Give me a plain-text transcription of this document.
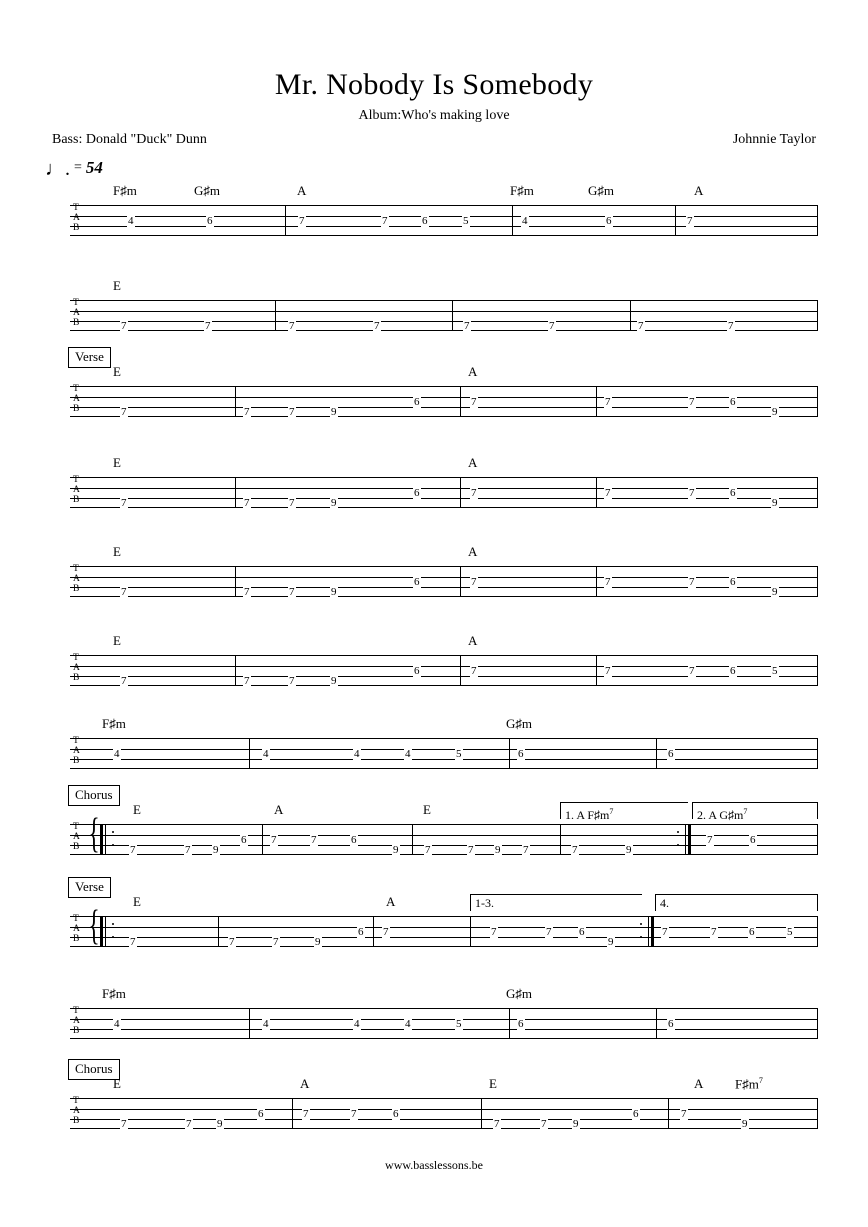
Mr. Nobody Is Somebody
Album:Who's making love
Bass: Donald "Duck" Dunn	Johnnie Taylor
♩. = 54
F♯m	G♯m	A	F♯m	G♯m	A
T
A
B
4	6	7	7	6	5	4	6	7
E
T
A
B	7	7	7	7	7	7	7	7
Verse
E	A
T
A
B	7	7	7	9
6	7	7	7	6
9
E	A
T
A
B	7	7	7	9
6	7	7	7	6
9
E	A
T
A
B	7	7	7	9
6	7	7	7	6
9
E	A
T
A
B	7	7	7	9
6	7	7	7	6	5
F♯m	G♯m
T
A
B
4	4	4	4	5	6	6
Chorus
E	A	E	1. A $F♯m^7$	2. A $G♯m^7$
T
A
B {	7	7 9
6 7	7	6
9 7	7 9 7	7	9
7	6
Verse
E	A	1-3.	4.
T
A
B {	7	7	7	9
6 7	7	7	6
9
7	7	6	5
F♯m	G♯m
T
A
B
4	4	4	4	5	6	6
Chorus
E	A	E	A $F♯m^7$
T
A
B	7	7 9
6	7	7	6
7	7 9
6	7
9
www.basslessons.be
